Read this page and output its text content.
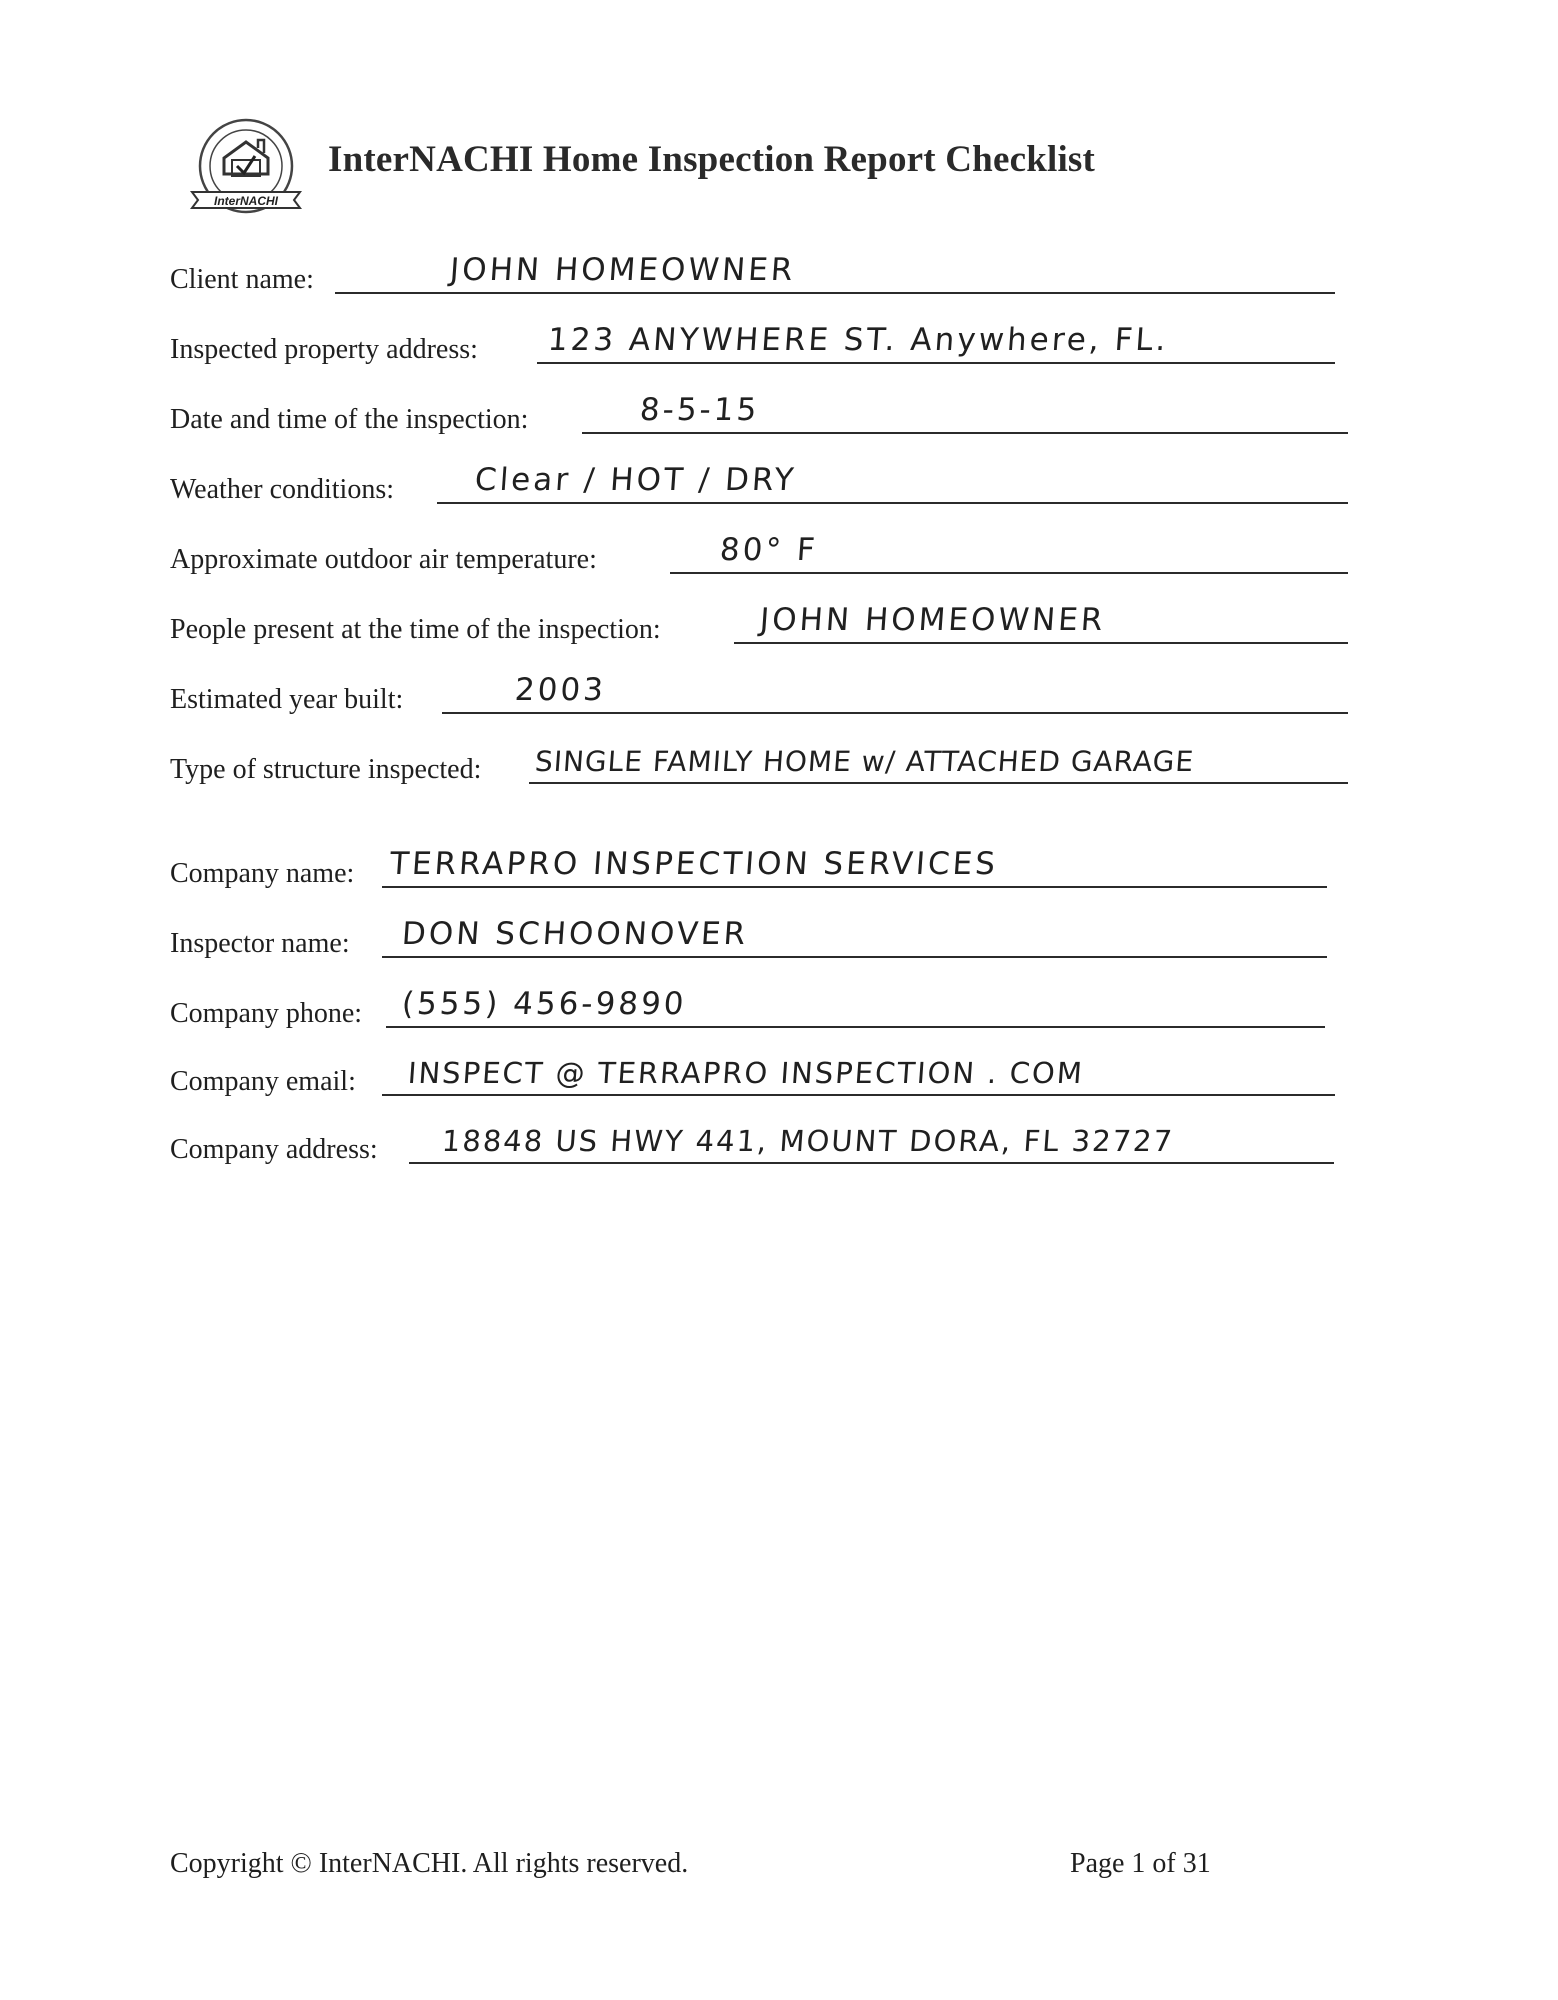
InterNACHI
InterNACHI Home Inspection Report Checklist
Client name:	JOHN HOMEOWNER
Inspected property address: 123 ANYWHERE ST. Anywhere, FL.
Date and time of the inspection:	8-5-15
Weather conditions:	Clear / HOT / DRY
Approximate outdoor air temperature:	80° F
People present at the time of the inspection:	JOHN HOMEOWNER
Estimated year built:	2003
Type of structure inspected: SINGLE FAMILY HOME w/ ATTACHED GARAGE
Company name: TERRAPRO INSPECTION SERVICES
Inspector name: DON SCHOONOVER
Company phone: (555) 456-9890
Company email: INSPECT @ TERRAPRO INSPECTION . COM
Company address: 18848 US HWY 441, MOUNT DORA, FL 32727
Copyright © InterNACHI. All rights reserved.	Page 1 of 31
